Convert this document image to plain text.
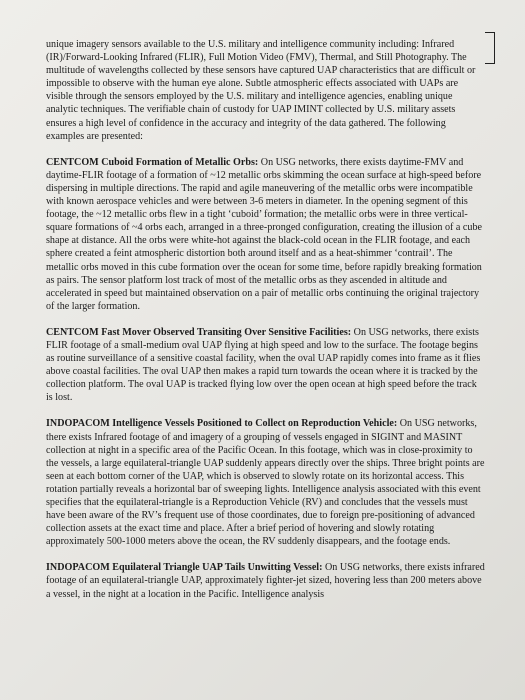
unique imagery sensors available to the U.S. military and intelligence community including: Infrared (IR)/Forward-Looking Infrared (FLIR), Full Motion Video (FMV), Thermal, and Still Photography. The multitude of wavelengths collected by these sensors have captured UAP characteristics that are difficult or impossible to observe with the human eye alone. Subtle atmospheric effects associated with UAPs are visible through the sensors employed by the U.S. military and intelligence agencies, enabling unique analytic techniques. The verifiable chain of custody for UAP IMINT collected by U.S. military assets ensures a high level of confidence in the accuracy and integrity of the data gathered. The following examples are presented:

CENTCOM Cuboid Formation of Metallic Orbs: On USG networks, there exists daytime-FMV and daytime-FLIR footage of a formation of ~12 metallic orbs skimming the ocean surface at high-speed before dispersing in multiple directions. The rapid and agile maneuvering of the metallic orbs were incompatible with known aerospace vehicles and were between 3-6 meters in diameter. In the opening segment of this footage, the ~12 metallic orbs flew in a tight ‘cuboid’ formation; the metallic orbs were in three vertical-square formations of ~4 orbs each, arranged in a three-pronged configuration, creating the illusion of a cube shape at distance. All the orbs were white-hot against the black-cold ocean in the FLIR footage, and each sphere created a feint atmospheric distortion both around itself and as a heat-shimmer ‘contrail’. The metallic orbs moved in this cube formation over the ocean for some time, before rapidly breaking formation as pairs. The sensor platform lost track of most of the metallic orbs as they ascended in altitude and accelerated in speed but maintained observation on a pair of metallic orbs continuing the original trajectory of the larger formation.

CENTCOM Fast Mover Observed Transiting Over Sensitive Facilities: On USG networks, there exists FLIR footage of a small-medium oval UAP flying at high speed and low to the surface. The footage begins as routine surveillance of a sensitive coastal facility, when the oval UAP rapidly comes into frame as it flies above coastal facilities. The oval UAP then makes a rapid turn towards the ocean where it is tracked by the collection platform. The oval UAP is tracked flying low over the open ocean at high speed before the track is lost.

INDOPACOM Intelligence Vessels Positioned to Collect on Reproduction Vehicle: On USG networks, there exists Infrared footage of and imagery of a grouping of vessels engaged in SIGINT and MASINT collection at night in a specific area of the Pacific Ocean. In this footage, which was in close-proximity to the vessels, a large equilateral-triangle UAP suddenly appears directly over the ships. Three bright points are seen at each bottom corner of the UAP, which is observed to slowly rotate on its horizontal access. This rotation partially reveals a horizontal bar of sweeping lights. Intelligence analysis associated with this event specifies that the equilateral-triangle is a Reproduction Vehicle (RV) and concludes that the vessels must have been aware of the RV’s frequent use of those coordinates, due to foreign pre-positioning of advanced collection assets at the exact time and place. After a brief period of hovering and slowly rotating approximately 500-1000 meters above the ocean, the RV suddenly disappears, and the footage ends.

INDOPACOM Equilateral Triangle UAP Tails Unwitting Vessel: On USG networks, there exists infrared footage of an equilateral-triangle UAP, approximately fighter-jet sized, hovering less than 200 meters above a vessel, in the night at a location in the Pacific. Intelligence analysis
